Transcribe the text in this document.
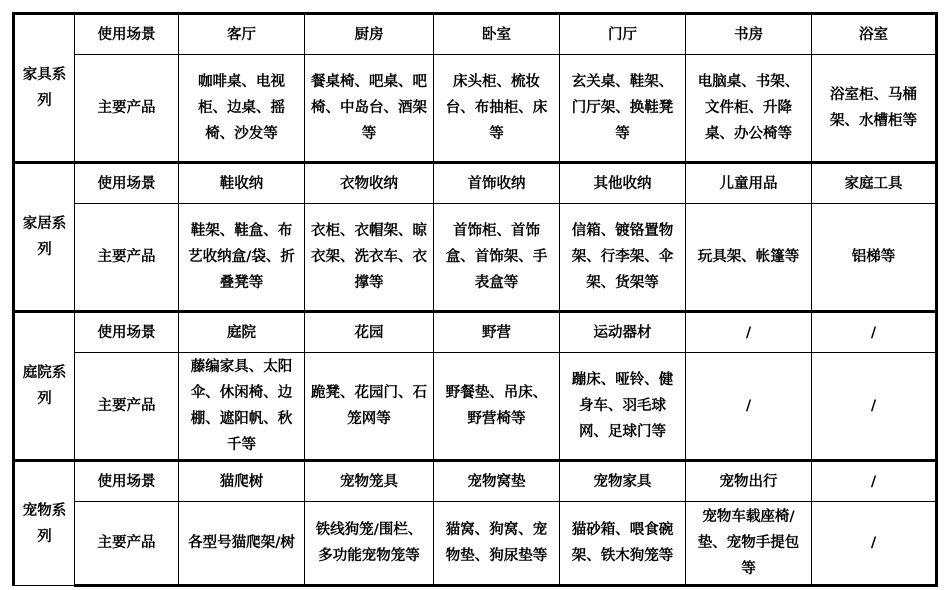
家具系列	使用场景	客厅	厨房	卧室	门厅	书房	浴室
	主要产品	咖啡桌、电视柜、边桌、摇椅、沙发等	餐桌椅、吧桌、吧椅、中岛台、酒架等	床头柜、梳妆台、布抽柜、床等	玄关桌、鞋架、门厅架、换鞋凳等	电脑桌、书架、文件柜、升降桌、办公椅等	浴室柜、马桶架、水槽柜等
家居系列	使用场景	鞋收纳	衣物收纳	首饰收纳	其他收纳	儿童用品	家庭工具
	主要产品	鞋架、鞋盒、布艺收纳盒/袋、折叠凳等	衣柜、衣帽架、晾衣架、洗衣车、衣撑等	首饰柜、首饰盒、首饰架、手表盒等	信箱、镀铬置物架、行李架、伞架、货架等	玩具架、帐篷等	铝梯等
庭院系列	使用场景	庭院	花园	野营	运动器材	/	/
	主要产品	藤编家具、太阳伞、休闲椅、边棚、遮阳帆、秋千等	跪凳、花园门、石笼网等	野餐垫、吊床、野营椅等	蹦床、哑铃、健身车、羽毛球网、足球门等	/	/
宠物系列	使用场景	猫爬树	宠物笼具	宠物窝垫	宠物家具	宠物出行	/
	主要产品	各型号猫爬架/树	铁线狗笼/围栏、多功能宠物笼等	猫窝、狗窝、宠物垫、狗尿垫等	猫砂箱、喂食碗架、铁木狗笼等	宠物车载座椅/垫、宠物手提包等	/
